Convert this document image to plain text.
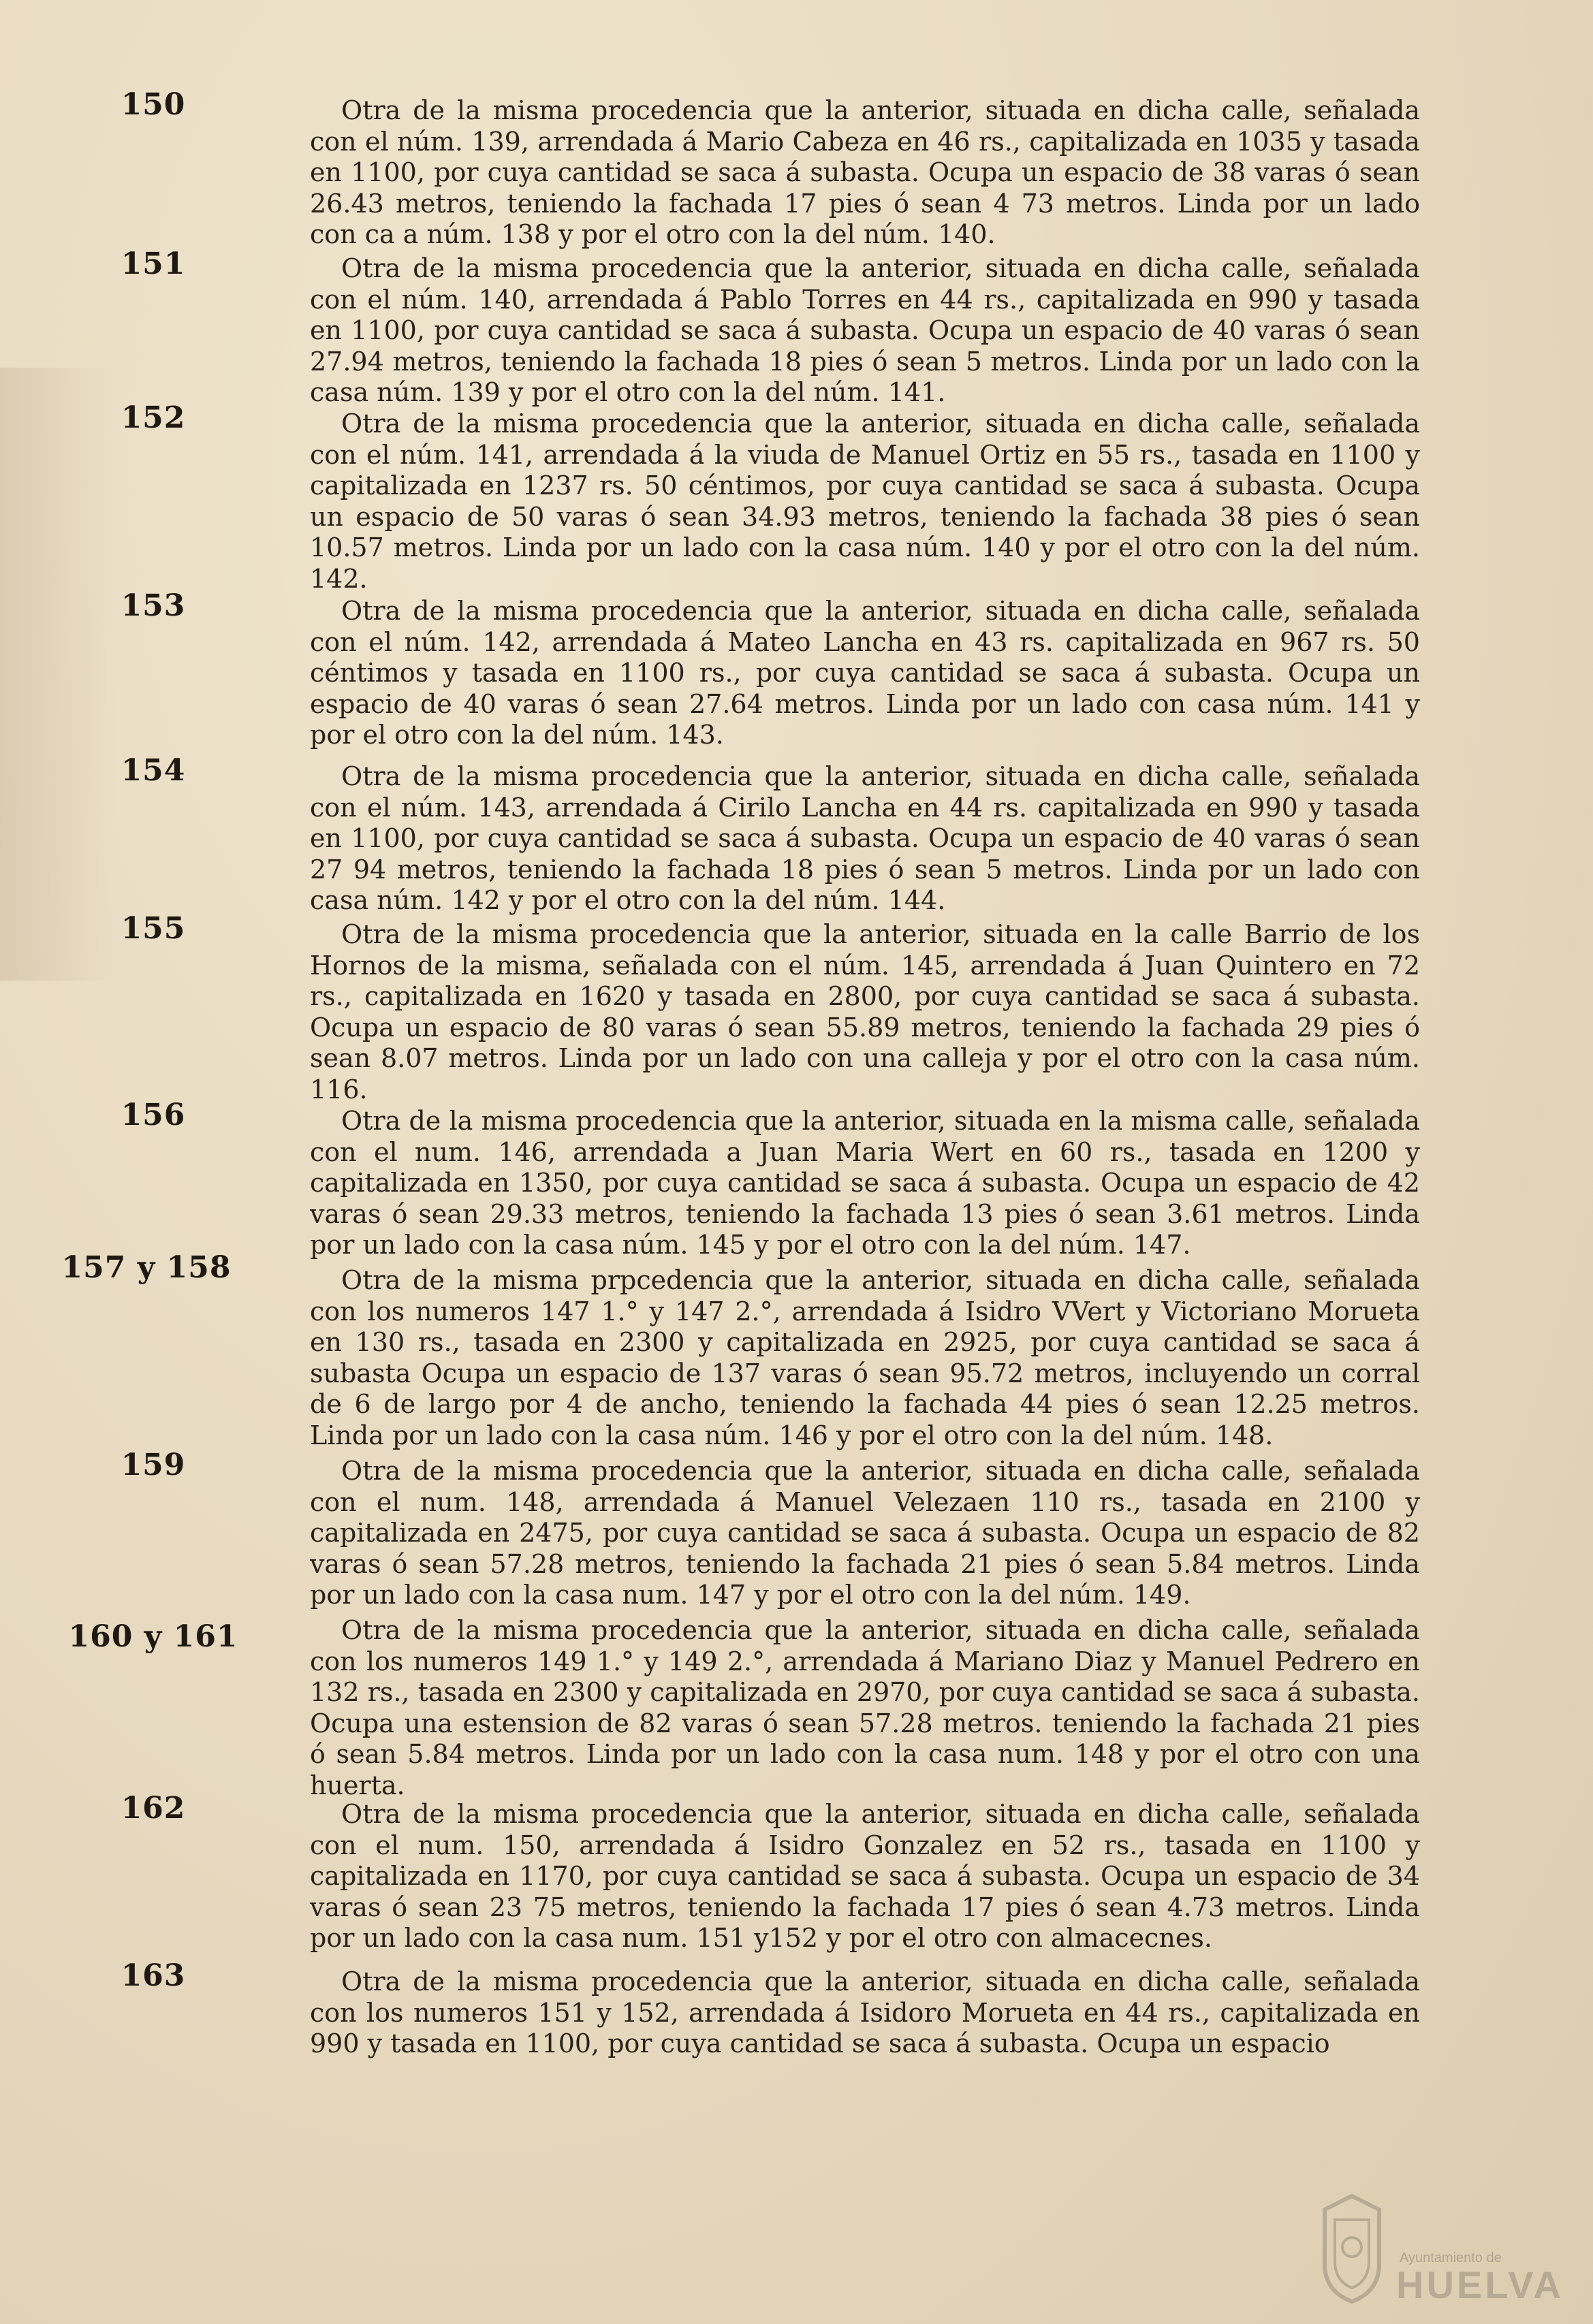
150	Otra de la misma procedencia que la anterior, situada en dicha calle, señalada con el núm. 139, arrendada á Mario Cabeza en 46 rs., capitalizada en 1035 y tasada en 1100, por cuya cantidad se saca á subasta. Ocupa un espacio de 38 varas ó sean 26.43 metros, teniendo la fachada 17 pies ó sean 4 73 metros. Linda por un lado con ca a núm. 138 y por el otro con la del núm. 140.
151	Otra de la misma procedencia que la anterior, situada en dicha calle, señalada con el núm. 140, arrendada á Pablo Torres en 44 rs., capitalizada en 990 y tasada en 1100, por cuya cantidad se saca á subasta. Ocupa un espacio de 40 varas ó sean 27.94 metros, teniendo la fachada 18 pies ó sean 5 metros. Linda por un lado con la casa núm. 139 y por el otro con la del núm. 141.
152	Otra de la misma procedencia que la anterior, situada en dicha calle, señalada con el núm. 141, arrendada á la viuda de Manuel Ortiz en 55 rs., tasada en 1100 y capitalizada en 1237 rs. 50 céntimos, por cuya cantidad se saca á subasta. Ocupa un espacio de 50 varas ó sean 34.93 metros, teniendo la fachada 38 pies ó sean 10.57 metros. Linda por un lado con la casa núm. 140 y por el otro con la del núm. 142.
153	Otra de la misma procedencia que la anterior, situada en dicha calle, señalada con el núm. 142, arrendada á Mateo Lancha en 43 rs. capitalizada en 967 rs. 50 céntimos y tasada en 1100 rs., por cuya cantidad se saca á subasta. Ocupa un espacio de 40 varas ó sean 27.64 metros. Linda por un lado con casa núm. 141 y por el otro con la del núm. 143.
154	Otra de la misma procedencia que la anterior, situada en dicha calle, señalada con el núm. 143, arrendada á Cirilo Lancha en 44 rs. capitalizada en 990 y tasada en 1100, por cuya cantidad se saca á subasta. Ocupa un espacio de 40 varas ó sean 27 94 metros, teniendo la fachada 18 pies ó sean 5 metros. Linda por un lado con casa núm. 142 y por el otro con la del núm. 144.
155	Otra de la misma procedencia que la anterior, situada en la calle Barrio de los Hornos de la misma, señalada con el núm. 145, arrendada á Juan Quintero en 72 rs., capitalizada en 1620 y tasada en 2800, por cuya cantidad se saca á subasta. Ocupa un espacio de 80 varas ó sean 55.89 metros, teniendo la fachada 29 pies ó sean 8.07 metros. Linda por un lado con una calleja y por el otro con la casa núm. 116.
156	Otra de la misma procedencia que la anterior, situada en la misma calle, señalada con el num. 146, arrendada a Juan Maria Wert en 60 rs., tasada en 1200 y capitalizada en 1350, por cuya cantidad se saca á subasta. Ocupa un espacio de 42 varas ó sean 29.33 metros, teniendo la fachada 13 pies ó sean 3.61 metros. Linda por un lado con la casa núm. 145 y por el otro con la del núm. 147.
157 y 158	Otra de la misma prpcedencia que la anterior, situada en dicha calle, señalada con los numeros 147 1.° y 147 2.°, arrendada á Isidro VVert y Victoriano Morueta en 130 rs., tasada en 2300 y capitalizada en 2925, por cuya cantidad se saca á subasta Ocupa un espacio de 137 varas ó sean 95.72 metros, incluyendo un corral de 6 de largo por 4 de ancho, teniendo la fachada 44 pies ó sean 12.25 metros. Linda por un lado con la casa núm. 146 y por el otro con la del núm. 148.
159	Otra de la misma procedencia que la anterior, situada en dicha calle, señalada con el num. 148, arrendada á Manuel Velezaen 110 rs., tasada en 2100 y capitalizada en 2475, por cuya cantidad se saca á subasta. Ocupa un espacio de 82 varas ó sean 57.28 metros, teniendo la fachada 21 pies ó sean 5.84 metros. Linda por un lado con la casa num. 147 y por el otro con la del núm. 149.
160 y 161	Otra de la misma procedencia que la anterior, situada en dicha calle, señalada con los numeros 149 1.° y 149 2.°, arrendada á Mariano Diaz y Manuel Pedrero en 132 rs., tasada en 2300 y capitalizada en 2970, por cuya cantidad se saca á subasta. Ocupa una estension de 82 varas ó sean 57.28 metros. teniendo la fachada 21 pies ó sean 5.84 metros. Linda por un lado con la casa num. 148 y por el otro con una huerta.
162	Otra de la misma procedencia que la anterior, situada en dicha calle, señalada con el num. 150, arrendada á Isidro Gonzalez en 52 rs., tasada en 1100 y capitalizada en 1170, por cuya cantidad se saca á subasta. Ocupa un espacio de 34 varas ó sean 23 75 metros, teniendo la fachada 17 pies ó sean 4.73 metros. Linda por un lado con la casa num. 151 y152 y por el otro con almacecnes.
163	Otra de la misma procedencia que la anterior, situada en dicha calle, señalada con los numeros 151 y 152, arrendada á Isidoro Morueta en 44 rs., capitalizada en 990 y tasada en 1100, por cuya cantidad se saca á subasta. Ocupa un espacio
Ayuntamiento de
HUELVA
